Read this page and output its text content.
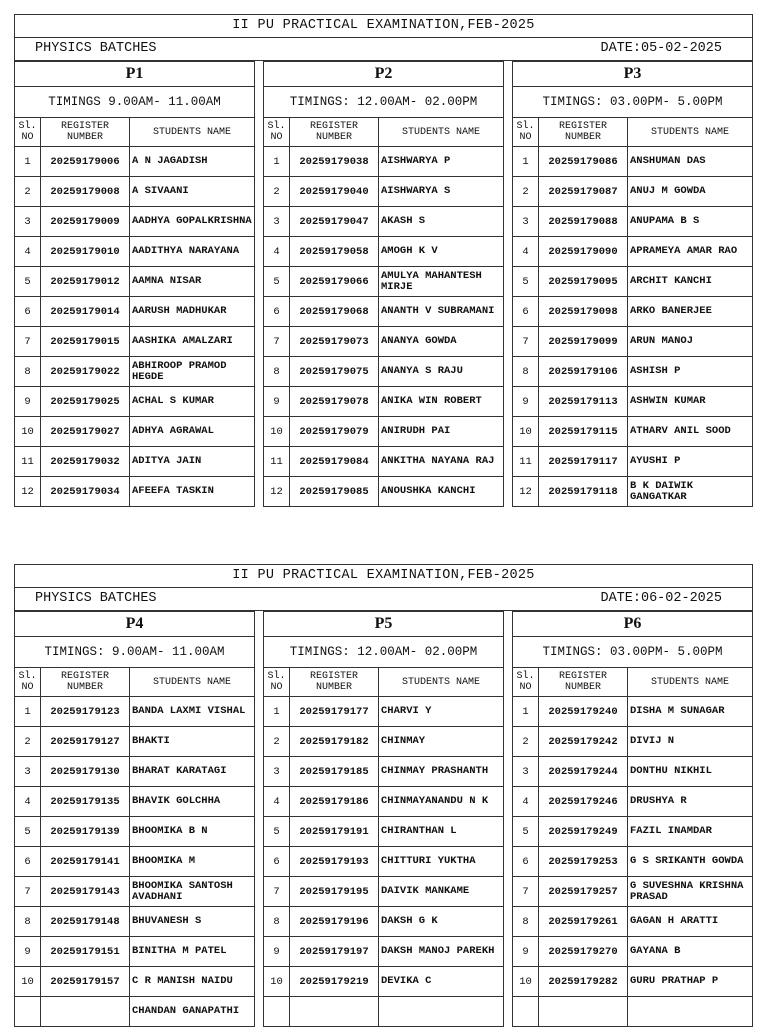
II PU PRACTICAL EXAMINATION,FEB-2025
PHYSICS BATCHES	DATE:05-02-2025
P1		
TIMINGS 9.00AM- 11.00AM		
Sl. NO	REGISTER NUMBER	STUDENTS NAME
1	20259179006	A N JAGADISH
2	20259179008	A SIVAANI
3	20259179009	AADHYA GOPALKRISHNA
4	20259179010	AADITHYA NARAYANA
5	20259179012	AAMNA NISAR
6	20259179014	AARUSH MADHUKAR
7	20259179015	AASHIKA AMALZARI
8	20259179022	ABHIROOP PRAMOD HEGDE
9	20259179025	ACHAL S KUMAR
10	20259179027	ADHYA AGRAWAL
11	20259179032	ADITYA JAIN
12	20259179034	AFEEFA TASKIN
P2		
TIMINGS: 12.00AM- 02.00PM		
Sl. NO	REGISTER NUMBER	STUDENTS NAME
1	20259179038	AISHWARYA P
2	20259179040	AISHWARYA S
3	20259179047	AKASH S
4	20259179058	AMOGH K V
5	20259179066	AMULYA MAHANTESH MIRJE
6	20259179068	ANANTH V SUBRAMANI
7	20259179073	ANANYA GOWDA
8	20259179075	ANANYA S RAJU
9	20259179078	ANIKA WIN ROBERT
10	20259179079	ANIRUDH PAI
11	20259179084	ANKITHA NAYANA RAJ
12	20259179085	ANOUSHKA KANCHI
P3		
TIMINGS: 03.00PM- 5.00PM		
Sl. NO	REGISTER NUMBER	STUDENTS NAME
1	20259179086	ANSHUMAN DAS
2	20259179087	ANUJ M GOWDA
3	20259179088	ANUPAMA B S
4	20259179090	APRAMEYA AMAR RAO
5	20259179095	ARCHIT KANCHI
6	20259179098	ARKO BANERJEE
7	20259179099	ARUN MANOJ
8	20259179106	ASHISH P
9	20259179113	ASHWIN KUMAR
10	20259179115	ATHARV ANIL SOOD
11	20259179117	AYUSHI P
12	20259179118	B K DAIWIK GANGATKAR
II PU PRACTICAL EXAMINATION,FEB-2025
PHYSICS BATCHES	DATE:06-02-2025
P4		
TIMINGS: 9.00AM- 11.00AM		
Sl. NO	REGISTER NUMBER	STUDENTS NAME
1	20259179123	BANDA LAXMI VISHAL
2	20259179127	BHAKTI
3	20259179130	BHARAT KARATAGI
4	20259179135	BHAVIK GOLCHHA
5	20259179139	BHOOMIKA B N
6	20259179141	BHOOMIKA M
7	20259179143	BHOOMIKA SANTOSH AVADHANI
8	20259179148	BHUVANESH S
9	20259179151	BINITHA M PATEL
10	20259179157	C R MANISH NAIDU
		CHANDAN GANAPATHI
P5		
TIMINGS: 12.00AM- 02.00PM		
Sl. NO	REGISTER NUMBER	STUDENTS NAME
1	20259179177	CHARVI Y
2	20259179182	CHINMAY
3	20259179185	CHINMAY PRASHANTH
4	20259179186	CHINMAYANANDU N K
5	20259179191	CHIRANTHAN L
6	20259179193	CHITTURI YUKTHA
7	20259179195	DAIVIK MANKAME
8	20259179196	DAKSH G K
9	20259179197	DAKSH MANOJ PAREKH
10	20259179219	DEVIKA C

P6		
TIMINGS: 03.00PM- 5.00PM		
Sl. NO	REGISTER NUMBER	STUDENTS NAME
1	20259179240	DISHA M SUNAGAR
2	20259179242	DIVIJ N
3	20259179244	DONTHU NIKHIL
4	20259179246	DRUSHYA R
5	20259179249	FAZIL INAMDAR
6	20259179253	G S SRIKANTH GOWDA
7	20259179257	G SUVESHNA KRISHNA PRASAD
8	20259179261	GAGAN H ARATTI
9	20259179270	GAYANA B
10	20259179282	GURU PRATHAP P
